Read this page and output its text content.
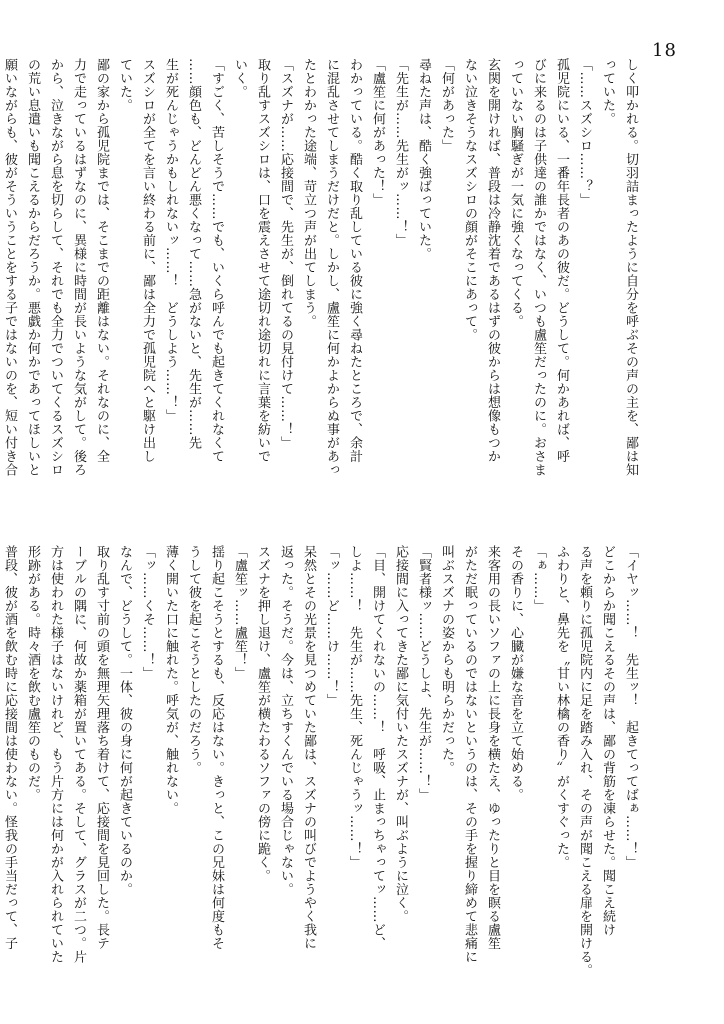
18
しく叩かれる。切羽詰まったように自分を呼ぶその声の主を、鄙は知
っていた。
「……スズシロ……？」
孤児院にいる、一番年長者のあの彼だ。どうして。何かあれば、呼
びに来るのは子供達の誰かではなく、いつも盧笙だったのに。おさま
っていない胸騒ぎが一気に強くなってくる。
玄関を開ければ、普段は冷静沈着であるはずの彼からは想像もつか
ない泣きそうなスズシロの顔がそこにあって。
「何があった」
尋ねた声は、酷く強ばっていた。
「先生が……先生がッ……！」
「盧笙に何があった！」
わかっている。酷く取り乱している彼に強く尋ねたところで、余計
に混乱させてしまうだけだと。しかし、盧笙に何かよからぬ事があっ
たとわかった途端、苛立つ声が出てしまう。
「スズナが……応接間で、先生が、倒れてるの見付けて……！」
取り乱すスズシロは、口を震えさせて途切れ途切れに言葉を紡いで
いく。
「すごく、苦しそうで……でも、いくら呼んでも起きてくれなくて
……顔色も、どんどん悪くなって……急がないと、先生が……先
生が死んじゃうかもしれないッ……！　どうしよう……！」
スズシロが全てを言い終わる前に、鄙は全力で孤児院へと駆け出し
ていた。
鄙の家から孤児院までは、そこまでの距離はない。それなのに、全
力で走っているはずなのに、異様に時間が長いような気がして。後ろ
から、泣きながら息を切らして、それでも全力でついてくるスズシロ
の荒い息遣いも聞こえるからだろうか。悪戯か何かであってほしいと
願いながらも、彼がそういうことをする子ではないのを、短い付き合
「イヤッ……！　先生ッ！　起きてってばぁ……！」
どこからか聞こえるその声は、鄙の背筋を凍らせた。聞こえ続け
る声を頼りに孤児院内に足を踏み入れ、その声が聞こえる扉を開ける。
ふわりと、鼻先を〝甘い林檎の香り〟がくすぐった。
「ぁ……」
その香りに、心臓が嫌な音を立て始める。
来客用の長いソファの上に長身を横たえ、ゆったりと目を瞑る盧笙
がただ眠っているのではないというのは、その手を握り締めて悲痛に
叫ぶスズナの姿からも明らかだった。
「賢者様ッ……どうしよ、先生が……！」
応接間に入ってきた鄙に気付いたスズナが、叫ぶように泣く。
「目、開けてくれないの……！　呼吸、止まっちゃってッ……ど、
しよ……！　先生が……先生、死んじゃうッ……！」
「ッ……ど……け……！」
呆然とその光景を見つめていた鄙は、スズナの叫びでようやく我に
返った。そうだ。今は、立ちすくんでいる場合じゃない。
スズナを押し退け、盧笙が横たわるソファの傍に跪く。
「盧笙ッ……盧笙！」
揺り起こそうとするも、反応はない。きっと、この兄妹は何度もそ
うして彼を起こそうとしたのだろう。
薄く開いた口に触れた。呼気が、触れない。
「ッ……くそ……！」
なんで、どうして。一体、彼の身に何が起きているのか。
取り乱す寸前の頭を無理矢理落ち着けて、応接間を見回した。長テ
ーブルの隅に、何故か薬箱が置いてある。そして、グラスが二つ。片
方は使われた様子はないけれど、もう片方には何かが入れられていた
形跡がある。時々酒を飲む盧笙のものだ。
普段、彼が酒を飲む時に応接間は使わない。怪我の手当だって、子
